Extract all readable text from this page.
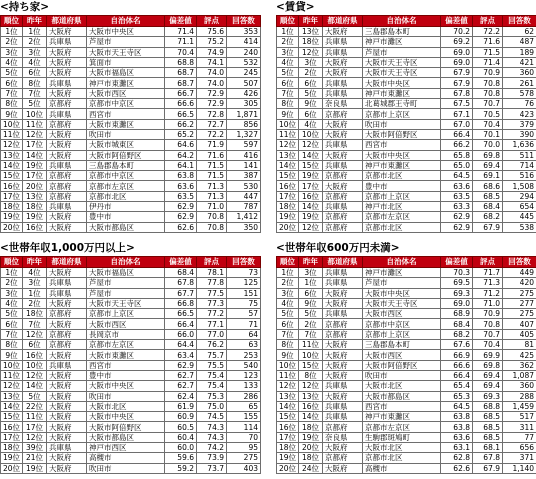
<持ち家>
順位	昨年	都道府県	自治体名	偏差値	評点	回答数
1位	1位	大阪府	大阪市中央区	71.4	75.6	353
2位	2位	兵庫県	芦屋市	71.1	75.2	414
3位	3位	大阪府	大阪市天王寺区	70.4	74.9	240
4位	4位	大阪府	箕面市	68.8	74.1	532
5位	6位	大阪府	大阪市福島区	68.7	74.0	245
6位	8位	兵庫県	神戸市東灘区	68.7	74.0	507
7位	7位	大阪府	大阪市西区	66.7	72.9	426
8位	5位	京都府	京都市中京区	66.6	72.9	305
9位	10位	兵庫県	西宮市	66.5	72.8	1,871
10位	11位	京都府	大阪市東灘区	66.2	72.7	856
11位	12位	大阪府	吹田市	65.2	72.2	1,327
12位	17位	大阪府	大阪市城東区	64.6	71.9	597
13位	14位	大阪府	大阪市阿倍野区	64.2	71.6	416
14位	19位	兵庫県	三島郡島本町	64.1	71.5	141
15位	17位	京都府	京都市中京区	63.8	71.5	387
16位	20位	京都府	京都市左京区	63.6	71.3	530
17位	13位	京都府	京都市北区	63.5	71.3	447
18位	18位	兵庫県	伊丹市	62.9	71.0	787
19位	19位	大阪府	豊中市	62.9	70.8	1,412
20位	16位	大阪府	大阪市都島区	62.6	70.8	350
<賃貸>
順位	昨年	都道府県	自治体名	偏差値	評点	回答数
1位	13位	大阪府	三島郡島本町	70.2	72.2	62
2位	18位	兵庫県	神戸市灘区	69.2	71.6	487
3位	12位	兵庫県	芦屋市	69.0	71.5	189
4位	3位	大阪府	大阪市天王寺区	69.0	71.4	421
5位	2位	大阪府	大阪市天王寺区	67.9	70.9	360
6位	6位	兵庫県	大阪市中央区	67.9	70.8	261
7位	5位	兵庫県	神戸市東灘区	67.8	70.8	578
8位	9位	奈良県	北葛城郡王寺町	67.5	70.7	76
9位	6位	京都府	京都市上京区	67.1	70.5	423
10位	4位	大阪府	吹田市	67.0	70.4	379
11位	10位	大阪府	大阪市阿倍野区	66.4	70.1	390
12位	12位	兵庫県	西宮市	66.2	70.0	1,636
13位	14位	大阪府	大阪市中央区	65.8	69.8	511
14位	15位	兵庫県	神戸市東灘区	65.0	69.4	714
15位	19位	京都府	京都市北区	64.5	69.1	516
16位	17位	大阪府	豊中市	63.6	68.6	1,508
17位	16位	京都府	京都市上京区	63.5	68.5	294
18位	14位	兵庫県	神戸市北区	63.3	68.4	654
19位	19位	京都府	京都市左京区	62.9	68.2	445
20位	12位	京都府	京都市北区	62.9	67.9	538
<世帯年収1,000万円以上>
順位	昨年	都道府県	自治体名	偏差値	評点	回答数
1位	4位	大阪府	大阪市福島区	68.4	78.1	73
2位	3位	兵庫県	芦屋市	67.8	77.8	125
3位	1位	兵庫県	芦屋市	67.7	77.5	151
4位	2位	大阪府	大阪市天王寺区	66.8	77.3	75
5位	18位	京都府	京都市上京区	66.5	77.2	57
6位	7位	大阪府	大阪市西区	66.4	77.1	71
7位	12位	京都府	長岡京市	66.0	77.0	64
8位	6位	京都府	京都市左京区	64.4	76.2	63
9位	16位	大阪府	大阪市東灘区	63.4	75.7	253
10位	10位	兵庫県	西宮市	62.9	75.5	540
11位	12位	大阪府	豊中市	62.7	75.4	123
12位	14位	大阪府	大阪市中央区	62.7	75.4	133
13位	5位	大阪府	吹田市	62.4	75.3	286
14位	22位	大阪府	大阪市北区	61.9	75.0	65
15位	11位	大阪府	大阪市中央区	60.9	74.5	155
16位	17位	大阪府	大阪市阿倍野区	60.5	74.3	114
17位	12位	大阪府	大阪市都島区	60.4	74.3	70
18位	39位	兵庫県	神戸市西区	60.0	74.2	95
19位	21位	大阪府	高槻市	59.6	73.9	275
20位	19位	大阪府	吹田市	59.2	73.7	403
<世帯年収600万円未満>
順位	昨年	都道府県	自治体名	偏差値	評点	回答数
1位	3位	兵庫県	神戸市灘区	70.3	71.7	449
2位	1位	兵庫県	芦屋市	69.5	71.3	420
3位	6位	大阪府	大阪市中央区	69.3	71.2	275
4位	9位	大阪府	大阪市天王寺区	69.0	71.0	277
5位	5位	兵庫県	大阪市西区	68.9	70.9	275
6位	2位	京都府	京都市中京区	68.4	70.8	407
7位	7位	京都府	京都市上京区	68.2	70.7	405
8位	11位	大阪府	三島郡島本町	67.6	70.4	81
9位	10位	大阪府	大阪市西区	66.9	69.9	425
10位	15位	大阪府	大阪市阿倍野区	66.6	69.8	362
11位	8位	大阪府	吹田市	66.4	69.4	1,087
12位	12位	兵庫県	大阪市北区	65.4	69.4	360
13位	13位	大阪府	大阪市都島区	65.3	69.3	288
14位	16位	兵庫県	西宮市	64.5	68.8	1,459
15位	14位	兵庫県	神戸市東灘区	63.8	68.5	517
16位	18位	京都府	京都市左京区	63.8	68.5	311
17位	19位	奈良県	生駒郡斑鳩町	63.6	68.5	77
18位	20位	大阪府	大阪市北区	63.1	68.1	656
19位	18位	京都府	京都市北区	62.8	67.8	371
20位	24位	大阪府	高槻市	62.6	67.9	1,140
